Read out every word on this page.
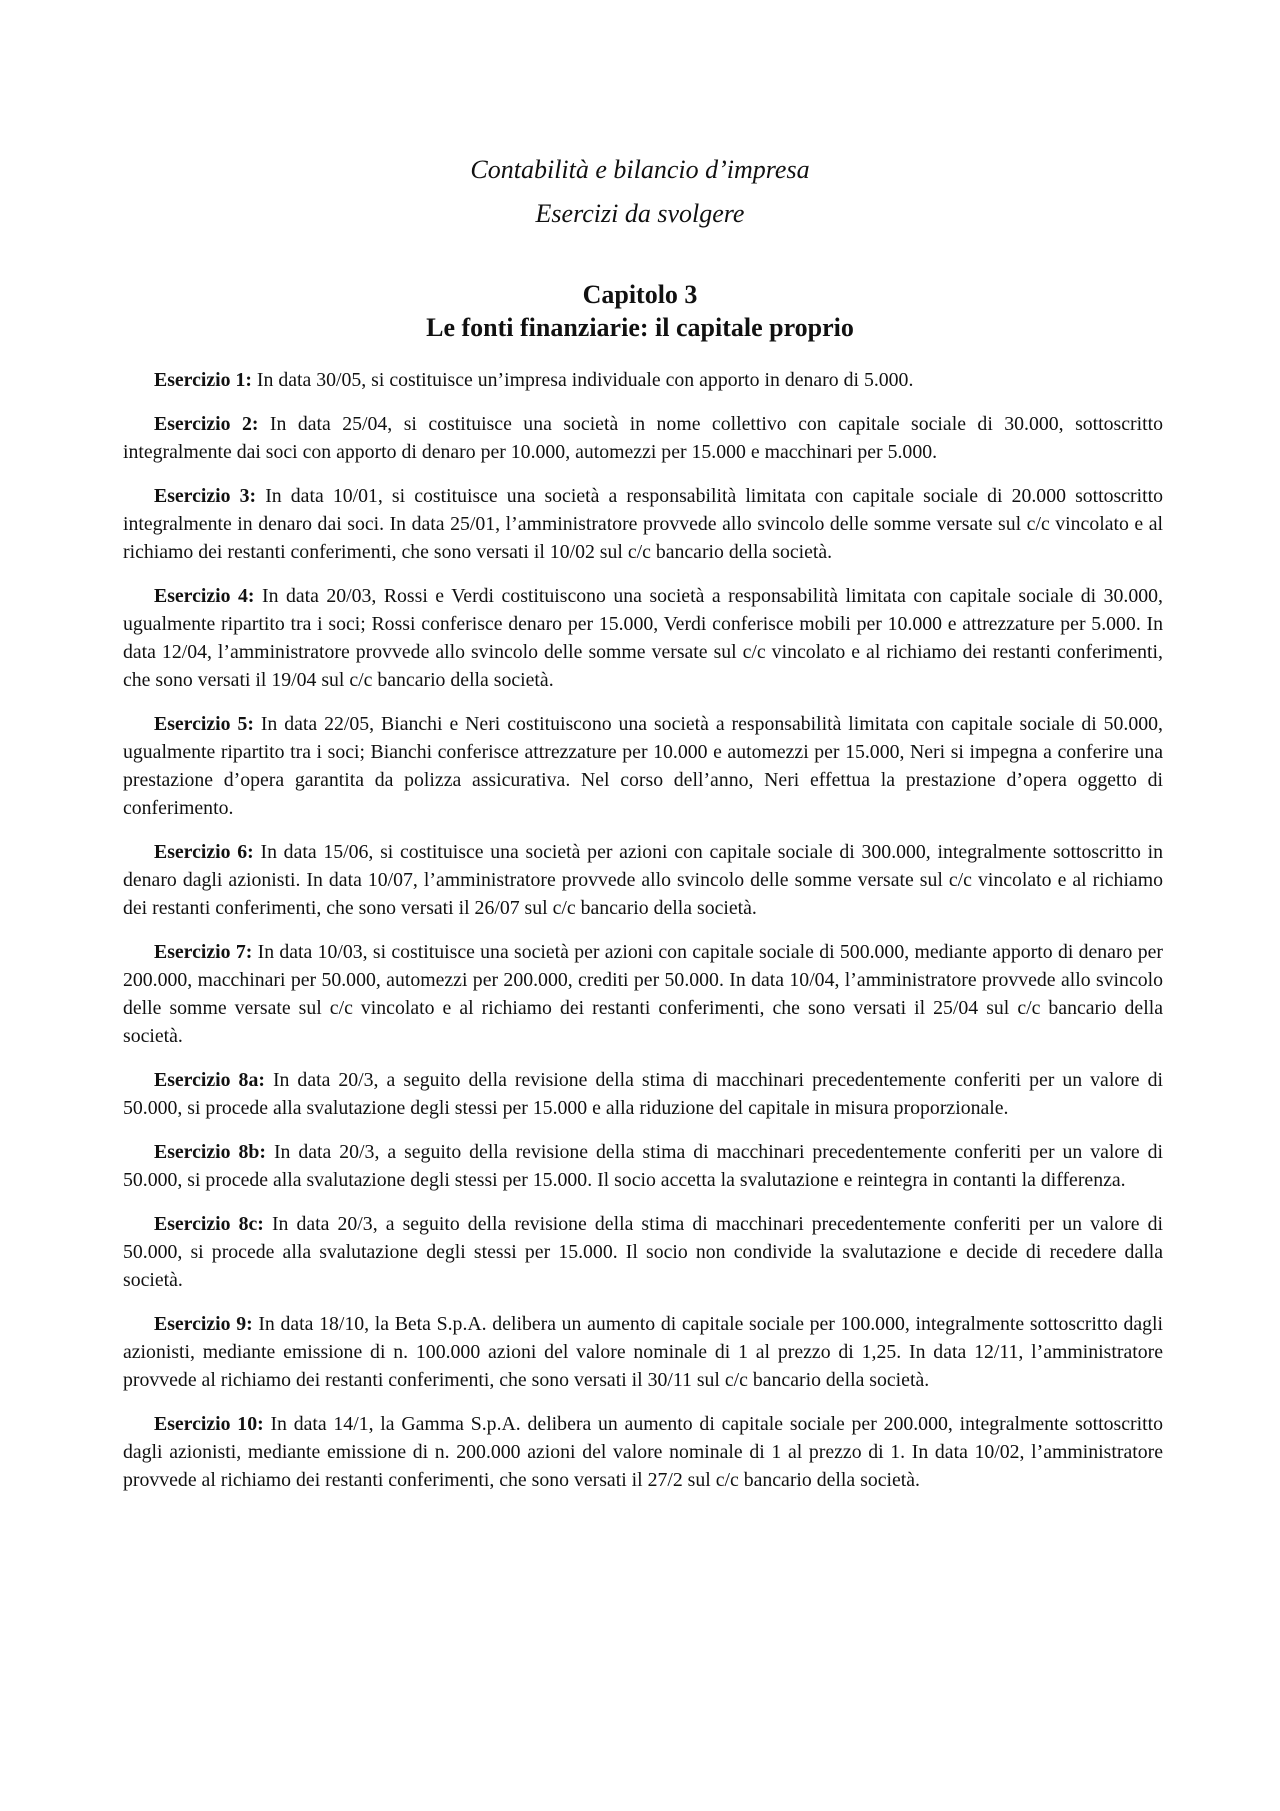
Contabilità e bilancio d’impresa
Esercizi da svolgere
Capitolo 3
Le fonti finanziarie: il capitale proprio

Esercizio 1: In data 30/05, si costituisce un’impresa individuale con apporto in denaro di 5.000.

Esercizio 2: In data 25/04, si costituisce una società in nome collettivo con capitale sociale di 30.000, sottoscritto integralmente dai soci con apporto di denaro per 10.000, automezzi per 15.000 e macchinari per 5.000.

Esercizio 3: In data 10/01, si costituisce una società a responsabilità limitata con capitale sociale di 20.000 sottoscritto integralmente in denaro dai soci. In data 25/01, l’amministratore provvede allo svincolo delle somme versate sul c/c vincolato e al richiamo dei restanti conferimenti, che sono versati il 10/02 sul c/c bancario della società.

Esercizio 4: In data 20/03, Rossi e Verdi costituiscono una società a responsabilità limitata con capitale sociale di 30.000, ugualmente ripartito tra i soci; Rossi conferisce denaro per 15.000, Verdi conferisce mobili per 10.000 e attrezzature per 5.000. In data 12/04, l’amministratore provvede allo svincolo delle somme versate sul c/c vincolato e al richiamo dei restanti conferimenti, che sono versati il 19/04 sul c/c bancario della società.

Esercizio 5: In data 22/05, Bianchi e Neri costituiscono una società a responsabilità limitata con capitale sociale di 50.000, ugualmente ripartito tra i soci; Bianchi conferisce attrezzature per 10.000 e automezzi per 15.000, Neri si impegna a conferire una prestazione d’opera garantita da polizza assicurativa. Nel corso dell’anno, Neri effettua la prestazione d’opera oggetto di conferimento.

Esercizio 6: In data 15/06, si costituisce una società per azioni con capitale sociale di 300.000, integralmente sottoscritto in denaro dagli azionisti. In data 10/07, l’amministratore provvede allo svincolo delle somme versate sul c/c vincolato e al richiamo dei restanti conferimenti, che sono versati il 26/07 sul c/c bancario della società.

Esercizio 7: In data 10/03, si costituisce una società per azioni con capitale sociale di 500.000, mediante apporto di denaro per 200.000, macchinari per 50.000, automezzi per 200.000, crediti per 50.000. In data 10/04, l’amministratore provvede allo svincolo delle somme versate sul c/c vincolato e al richiamo dei restanti conferimenti, che sono versati il 25/04 sul c/c bancario della società.

Esercizio 8a: In data 20/3, a seguito della revisione della stima di macchinari precedentemente conferiti per un valore di 50.000, si procede alla svalutazione degli stessi per 15.000 e alla riduzione del capitale in misura proporzionale.

Esercizio 8b: In data 20/3, a seguito della revisione della stima di macchinari precedentemente conferiti per un valore di 50.000, si procede alla svalutazione degli stessi per 15.000. Il socio accetta la svalutazione e reintegra in contanti la differenza.

Esercizio 8c: In data 20/3, a seguito della revisione della stima di macchinari precedentemente conferiti per un valore di 50.000, si procede alla svalutazione degli stessi per 15.000. Il socio non condivide la svalutazione e decide di recedere dalla società.

Esercizio 9: In data 18/10, la Beta S.p.A. delibera un aumento di capitale sociale per 100.000, integralmente sottoscritto dagli azionisti, mediante emissione di n. 100.000 azioni del valore nominale di 1 al prezzo di 1,25. In data 12/11, l’amministratore provvede al richiamo dei restanti conferimenti, che sono versati il 30/11 sul c/c bancario della società.

Esercizio 10: In data 14/1, la Gamma S.p.A. delibera un aumento di capitale sociale per 200.000, integralmente sottoscritto dagli azionisti, mediante emissione di n. 200.000 azioni del valore nominale di 1 al prezzo di 1. In data 10/02, l’amministratore provvede al richiamo dei restanti conferimenti, che sono versati il 27/2 sul c/c bancario della società.
